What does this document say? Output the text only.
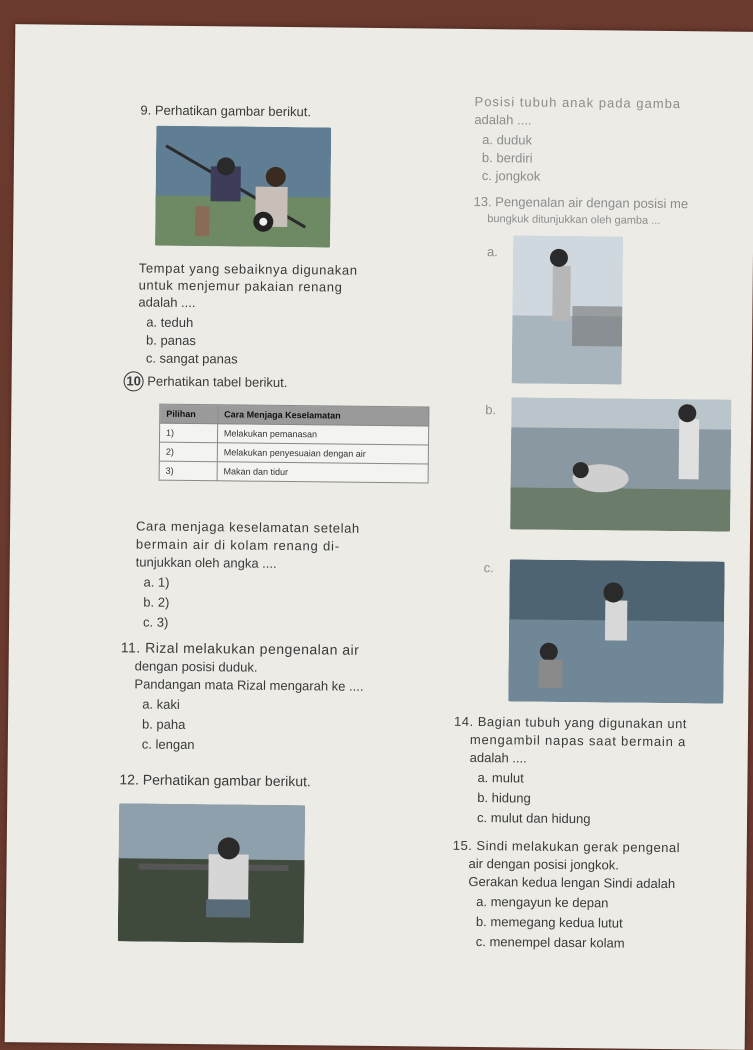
9. Perhatikan gambar berikut.
Tempat yang sebaiknya digunakan
untuk menjemur pakaian renang
adalah ....
a. teduh
b. panas
c. sangat panas
10 Perhatikan tabel berikut.
Pilihan	Cara Menjaga Keselamatan
1)	Melakukan pemanasan
2)	Melakukan penyesuaian dengan air
3)	Makan dan tidur
Cara menjaga keselamatan setelah
bermain air di kolam renang di-
tunjukkan oleh angka ....
a. 1)
b. 2)
c. 3)
11. Rizal melakukan pengenalan air
dengan posisi duduk.
Pandangan mata Rizal mengarah ke ....
a. kaki
b. paha
c. lengan
12. Perhatikan gambar berikut.
Posisi tubuh anak pada gamba
adalah ....
a. duduk
b. berdiri
c. jongkok
13. Pengenalan air dengan posisi me
bungkuk ditunjukkan oleh gamba ...
a.
b.
c.
14. Bagian tubuh yang digunakan unt
mengambil napas saat bermain a
adalah ....
a. mulut
b. hidung
c. mulut dan hidung
15. Sindi melakukan gerak pengenal
air dengan posisi jongkok.
Gerakan kedua lengan Sindi adalah
a. mengayun ke depan
b. memegang kedua lutut
c. menempel dasar kolam
